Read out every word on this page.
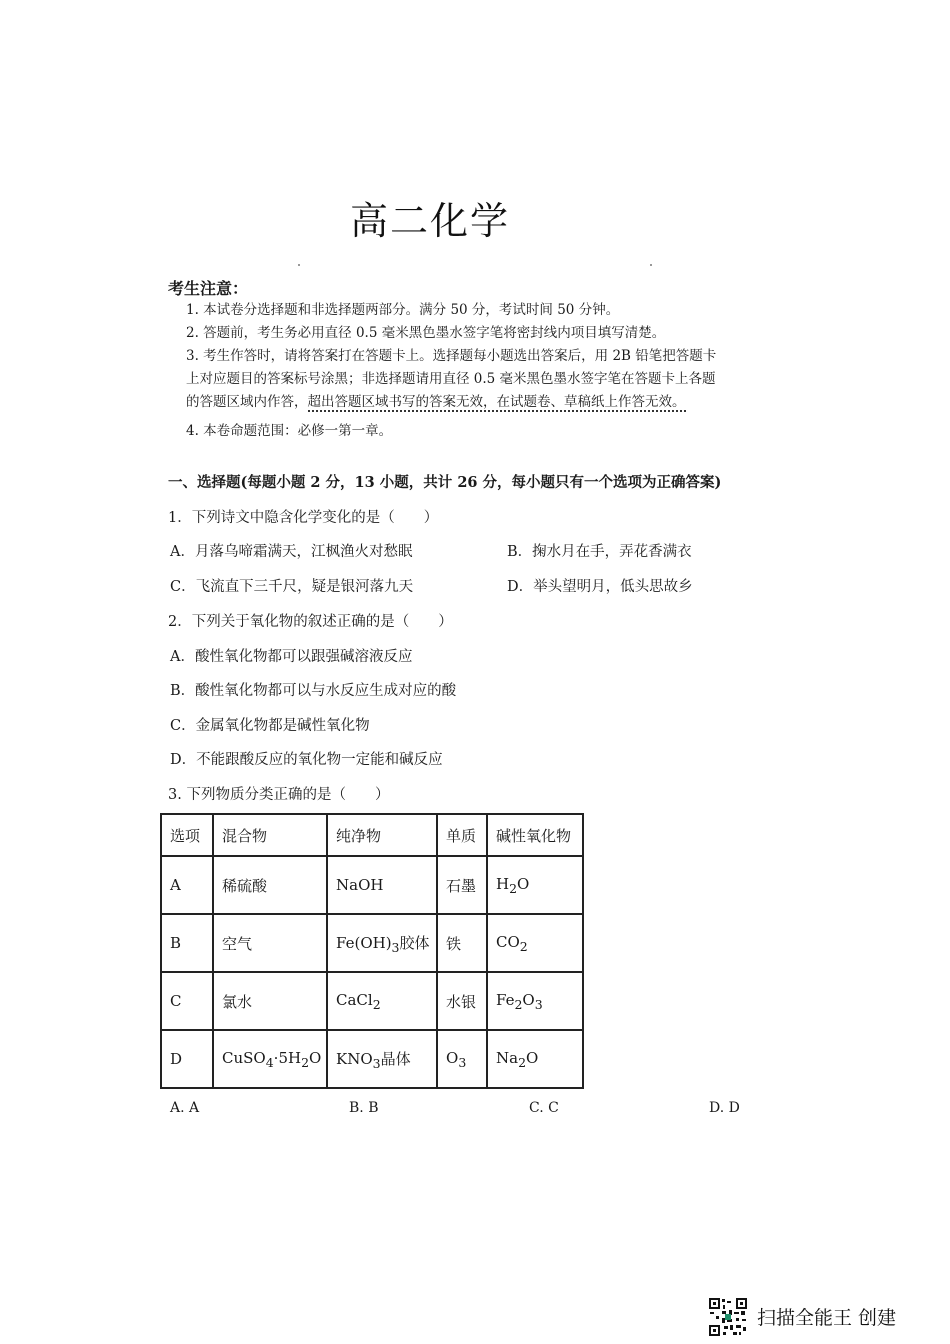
高二化学
考生注意：
1. 本试卷分选择题和非选择题两部分。满分 50 分，考试时间 50 分钟。
2. 答题前，考生务必用直径 0.5 毫米黑色墨水签字笔将密封线内项目填写清楚。
3. 考生作答时，请将答案打在答题卡上。选择题每小题选出答案后，用 2B 铅笔把答题卡
上对应题目的答案标号涂黑；非选择题请用直径 0.5 毫米黑色墨水签字笔在答题卡上各题
的答题区域内作答，超出答题区域书写的答案无效，在试题卷、草稿纸上作答无效。
4. 本卷命题范围：必修一第一章。
一、选择题(每题小题 2 分，13 小题，共计 26 分，每小题只有一个选项为正确答案)
1．下列诗文中隐含化学变化的是（　　）
A．月落乌啼霜满天，江枫渔火对愁眠	B．掬水月在手，弄花香满衣
C．飞流直下三千尺，疑是银河落九天	D．举头望明月，低头思故乡
2．下列关于氧化物的叙述正确的是（　　）
A．酸性氧化物都可以跟强碱溶液反应
B．酸性氧化物都可以与水反应生成对应的酸
C．金属氧化物都是碱性氧化物
D．不能跟酸反应的氧化物一定能和碱反应
3. 下列物质分类正确的是（　　）
选项	混合物	纯净物	单质	碱性氧化物
A	稀硫酸	NaOH	石墨	$H_2O$
B	空气	$Fe(OH)_3$胶体	铁	$CO_2$
C	氯水	CaCl$_2$	水银	$Fe_2O_3$
D	$CuSO_4\cdot 5H_2O$	$KNO_3$晶体	$O_3$	$Na_2O$
A. A	B. B	C. C	D. D
扫描全能王 创建
